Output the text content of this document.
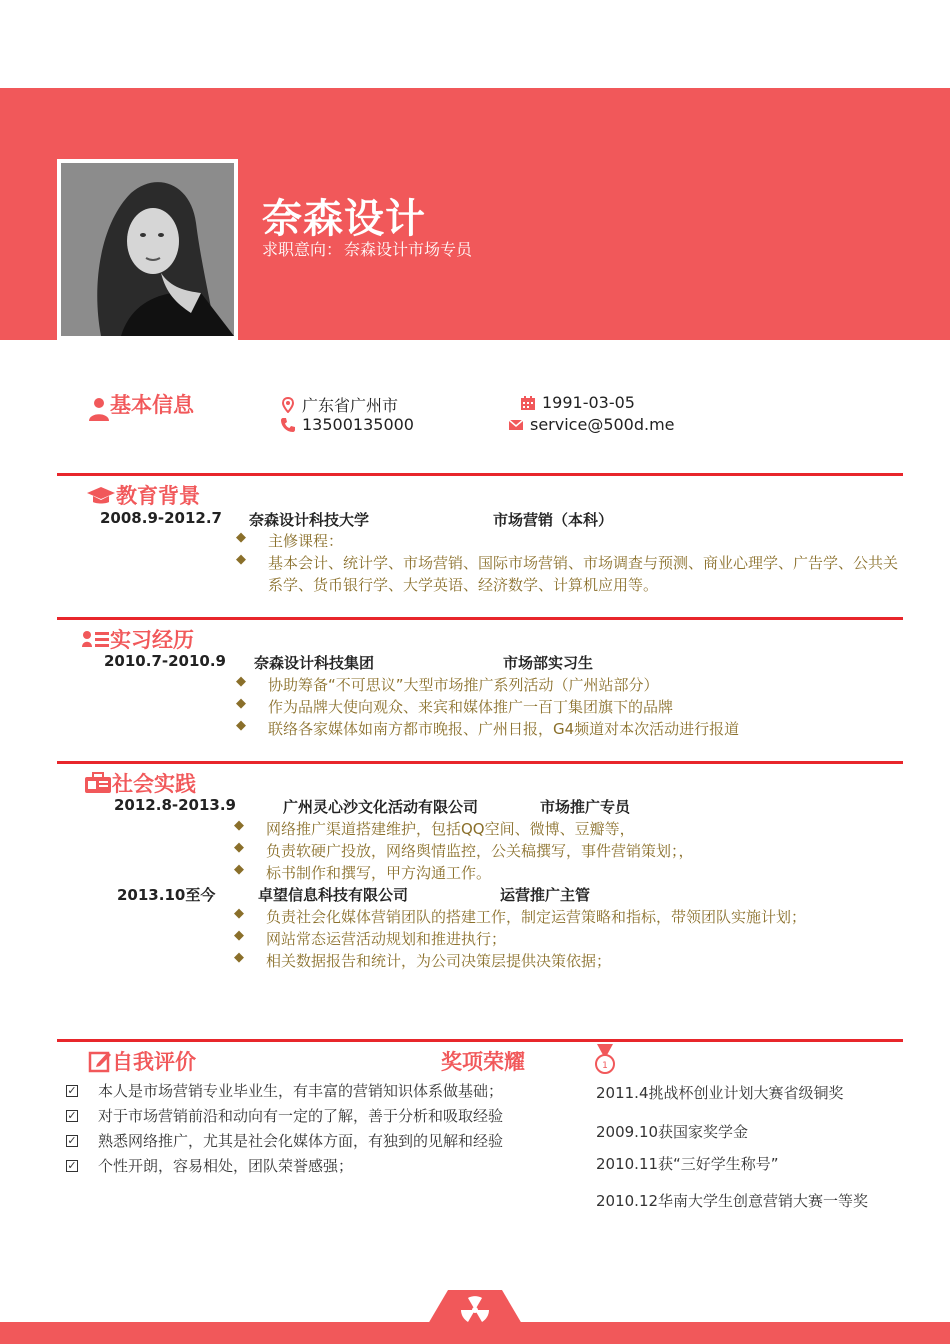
奈森设计
求职意向： 奈森设计市场专员
基本信息	广东省广州市
13500135000
1991-03-05
service@500d.me
教育背景
2008.9-2012.7 奈森设计科技大学	市场营销（本科）
◆	主修课程：
◆	基本会计、统计学、市场营销、国际市场营销、市场调查与预测、商业心理学、广告学、公共关系学、货币银行学、大学英语、经济数学、计算机应用等。
实习经历
2010.7-2010.9 奈森设计科技集团	市场部实习生
◆	协助筹备“不可思议”大型市场推广系列活动（广州站部分）
◆	作为品牌大使向观众、来宾和媒体推广一百丁集团旗下的品牌
◆	联络各家媒体如南方都市晚报、广州日报，G4频道对本次活动进行报道
社会实践
2012.8-2013.9	广州灵心沙文化活动有限公司	市场推广专员
◆	网络推广渠道搭建维护，包括QQ空间、微博、豆瓣等，
◆	负责软硬广投放，网络舆情监控，公关稿撰写，事件营销策划；，
◆	标书制作和撰写，甲方沟通工作。
2013.10至今	卓望信息科技有限公司	运营推广主管
◆	负责社会化媒体营销团队的搭建工作，制定运营策略和指标，带领团队实施计划；
◆	网站常态运营活动规划和推进执行；
◆	相关数据报告和统计，为公司决策层提供决策依据；
自我评价	奖项荣耀	1
✓ 本人是市场营销专业毕业生，有丰富的营销知识体系做基础；
✓ 对于市场营销前沿和动向有一定的了解，善于分析和吸取经验
✓ 熟悉网络推广，尤其是社会化媒体方面，有独到的见解和经验
✓ 个性开朗，容易相处，团队荣誉感强；
2011.4挑战杯创业计划大赛省级铜奖
2009.10获国家奖学金
2010.11获“三好学生称号”
2010.12华南大学生创意营销大赛一等奖
